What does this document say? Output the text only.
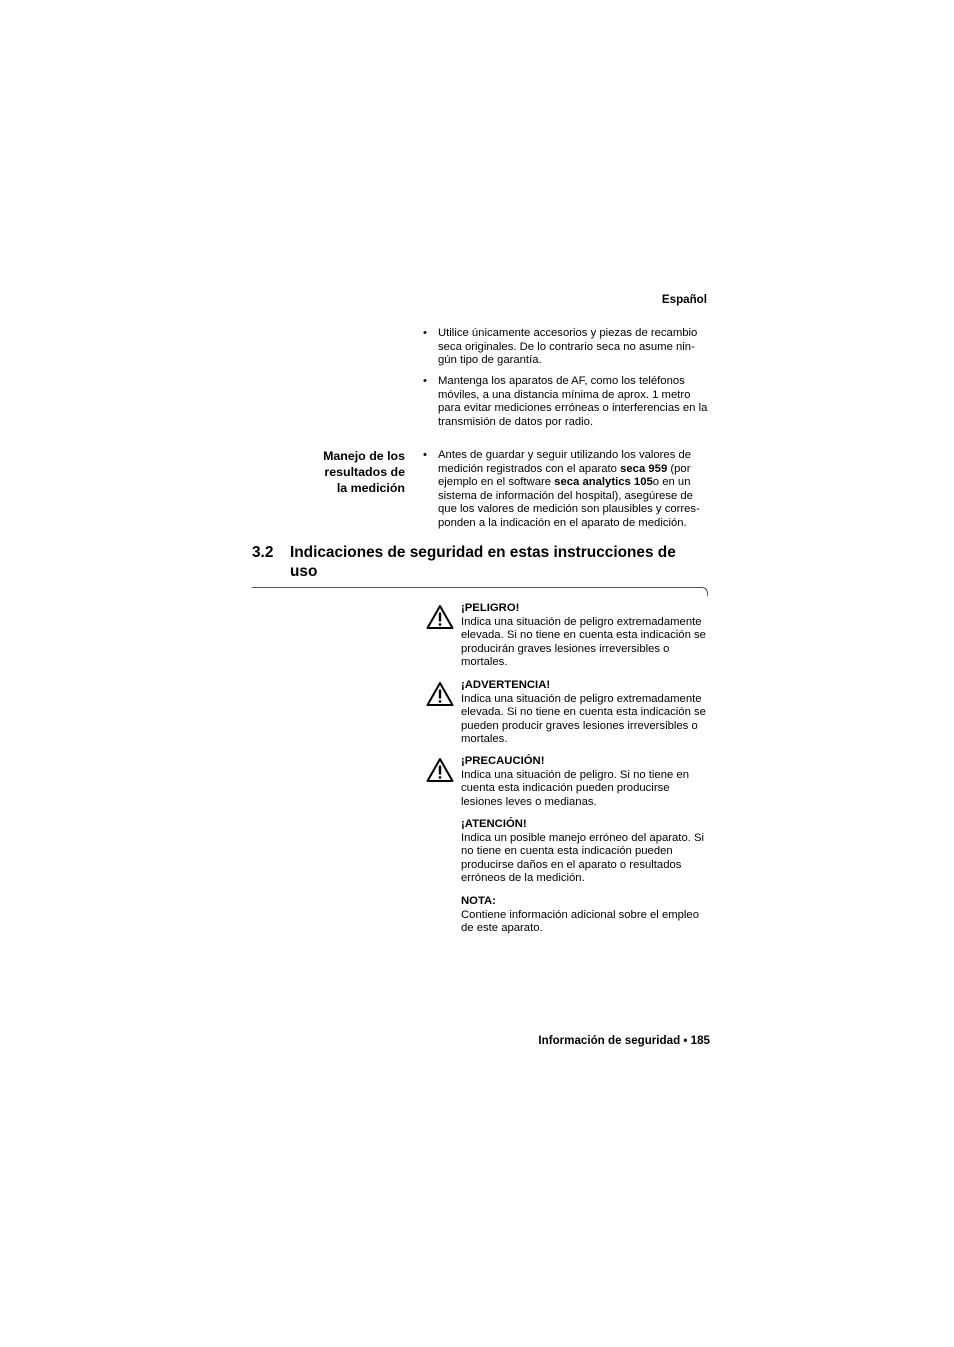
Español
• Utilice únicamente accesorios y piezas de recambio seca originales. De lo contrario seca no asume nin-gún tipo de garantía.
• Mantenga los aparatos de AF, como los teléfonos móviles, a una distancia mínima de aprox. 1 metro para evitar mediciones erróneas o interferencias en la transmisión de datos por radio.
Manejo de los
resultados de
la medición
• Antes de guardar y seguir utilizando los valores de medición registrados con el aparato seca 959 (por ejemplo en el software seca analytics 105o en un sistema de información del hospital), asegúrese de que los valores de medición son plausibles y corres-ponden a la indicación en el aparato de medición.
3.2 Indicaciones de seguridad en estas instrucciones de
uso
¡PELIGRO!
Indica una situación de peligro extremadamente elevada. Si no tiene en cuenta esta indicación se producirán graves lesiones irreversibles o mortales.
¡ADVERTENCIA!
Indica una situación de peligro extremadamente elevada. Si no tiene en cuenta esta indicación se pueden producir graves lesiones irreversibles o mortales.
¡PRECAUCIÓN!
Indica una situación de peligro. Si no tiene en cuenta esta indicación pueden producirse lesiones leves o medianas.
¡ATENCIÓN!
Indica un posible manejo erróneo del aparato. Si no tiene en cuenta esta indicación pueden producirse daños en el aparato o resultados erróneos de la medición.
NOTA:
Contiene información adicional sobre el empleo de este aparato.
Información de seguridad • 185
